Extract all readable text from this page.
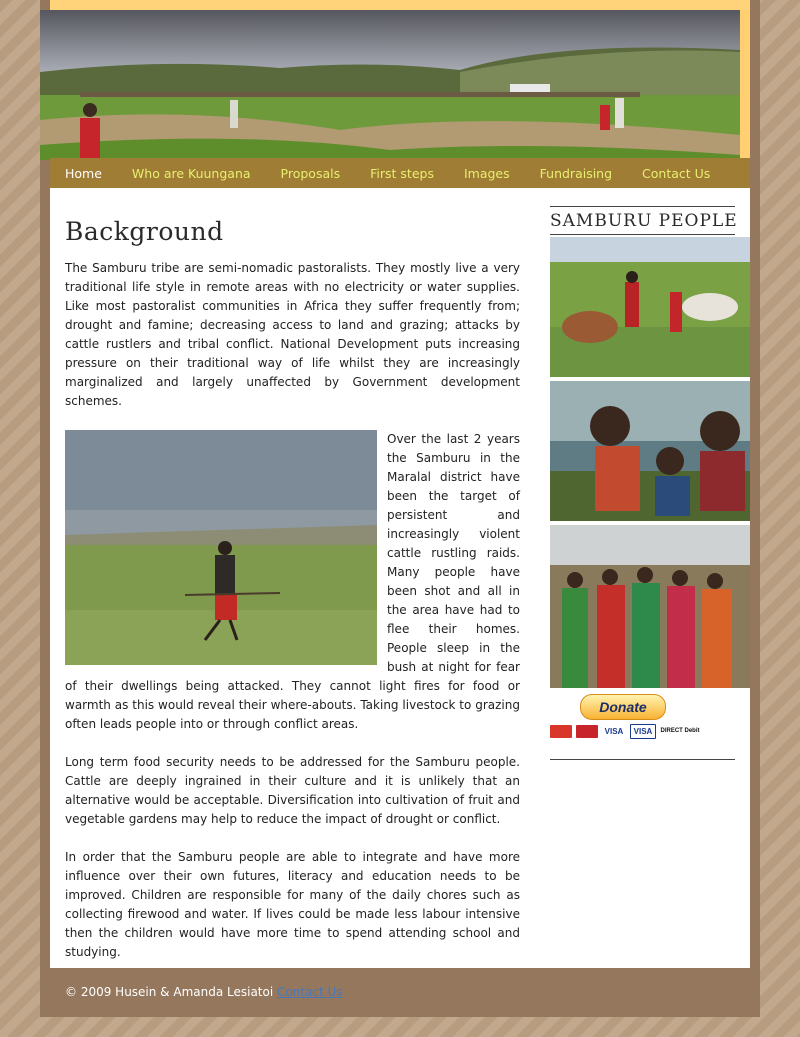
Home Who are Kuungana Proposals First steps Images Fundraising Contact Us
Background

The Samburu tribe are semi-nomadic pastoralists. They mostly live a very traditional life style in remote areas with no electricity or water supplies. Like most pastoralist communities in Africa they suffer frequently from; drought and famine; decreasing access to land and grazing; attacks by cattle rustlers and tribal conflict. National Development puts increasing pressure on their traditional way of life whilst they are increasingly marginalized and largely unaffected by Government development schemes.

Over the last 2 years the Samburu in the Maralal district have been the target of persistent and increasingly violent cattle rustling raids. Many people have been shot and all in the area have had to flee their homes. People sleep in the bush at night for fear of their dwellings being attacked. They cannot light fires for food or warmth as this would reveal their where-abouts. Taking livestock to grazing often leads people into or through conflict areas.

Long term food security needs to be addressed for the Samburu people. Cattle are deeply ingrained in their culture and it is unlikely that an alternative would be acceptable. Diversification into cultivation of fruit and vegetable gardens may help to reduce the impact of drought or conflict.

In order that the Samburu people are able to integrate and have more influence over their own futures, literacy and education needs to be improved. Children are responsible for many of the daily chores such as collecting firewood and water. If lives could be made less labour intensive then the children would have more time to spend attending school and studying.

SAMBURU PEOPLE
Donate
VISA	VISA	DIRECT Debit
© 2009 Husein & Amanda Lesiatoi Contact Us
